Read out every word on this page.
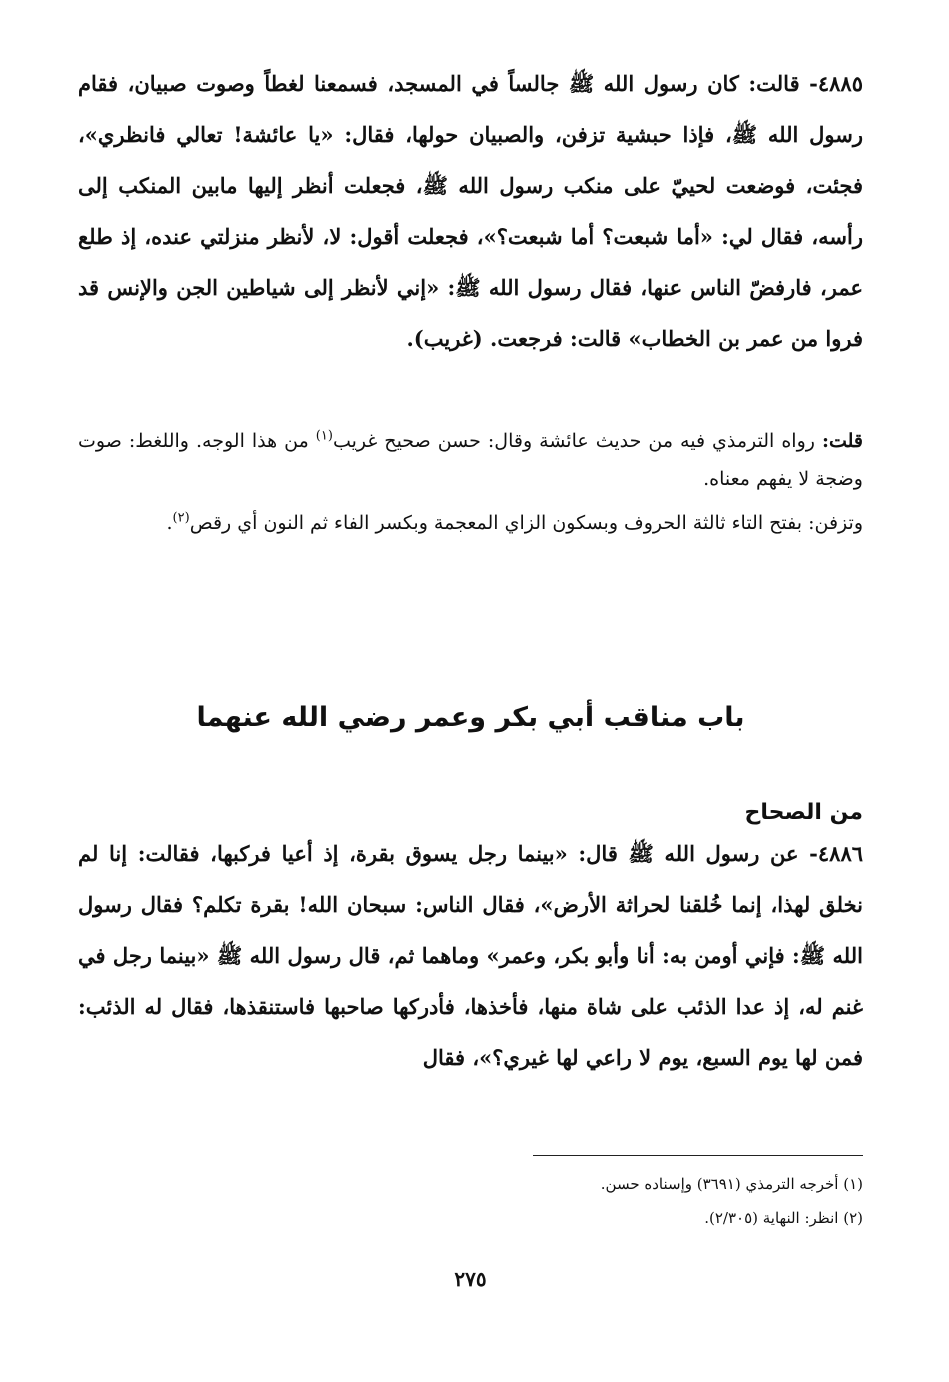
٤٨٨٥- قالت: كان رسول الله ﷺ جالساً في المسجد، فسمعنا لغطاً وصوت صبيان، فقام رسول الله ﷺ، فإذا حبشية تزفن، والصبيان حولها، فقال: «يا عائشة! تعالي فانظري»، فجئت، فوضعت لحييّ على منكب رسول الله ﷺ، فجعلت أنظر إليها مابين المنكب إلى رأسه، فقال لي: «أما شبعت؟ أما شبعت؟»، فجعلت أقول: لا، لأنظر منزلتي عنده، إذ طلع عمر، فارفضّ الناس عنها، فقال رسول الله ﷺ: «إني لأنظر إلى شياطين الجن والإنس قد فروا من عمر بن الخطاب» قالت: فرجعت. (غريب).

قلت: رواه الترمذي فيه من حديث عائشة وقال: حسن صحيح غريب$^{(١)}$ من هذا الوجه. واللغط: صوت وضجة لا يفهم معناه.

وتزفن: بفتح التاء ثالثة الحروف وبسكون الزاي المعجمة وبكسر الفاء ثم النون أي رقص$^{(٢)}$.

باب مناقب أبي بكر وعمر رضي الله عنهما
من الصحاح
٤٨٨٦- عن رسول الله ﷺ قال: «بينما رجل يسوق بقرة، إذ أعيا فركبها، فقالت: إنا لم نخلق لهذا، إنما خُلقنا لحراثة الأرض»، فقال الناس: سبحان الله! بقرة تكلم؟ فقال رسول الله ﷺ: فإني أومن به: أنا وأبو بكر، وعمر» وماهما ثم، قال رسول الله ﷺ «بينما رجل في غنم له، إذ عدا الذئب على شاة منها، فأخذها، فأدركها صاحبها فاستنقذها، فقال له الذئب: فمن لها يوم السبع، يوم لا راعي لها غيري؟»، فقال
(١) أخرجه الترمذي (٣٦٩١) وإسناده حسن.
(٢) انظر: النهاية (٢/٣٠٥).
٢٧٥
